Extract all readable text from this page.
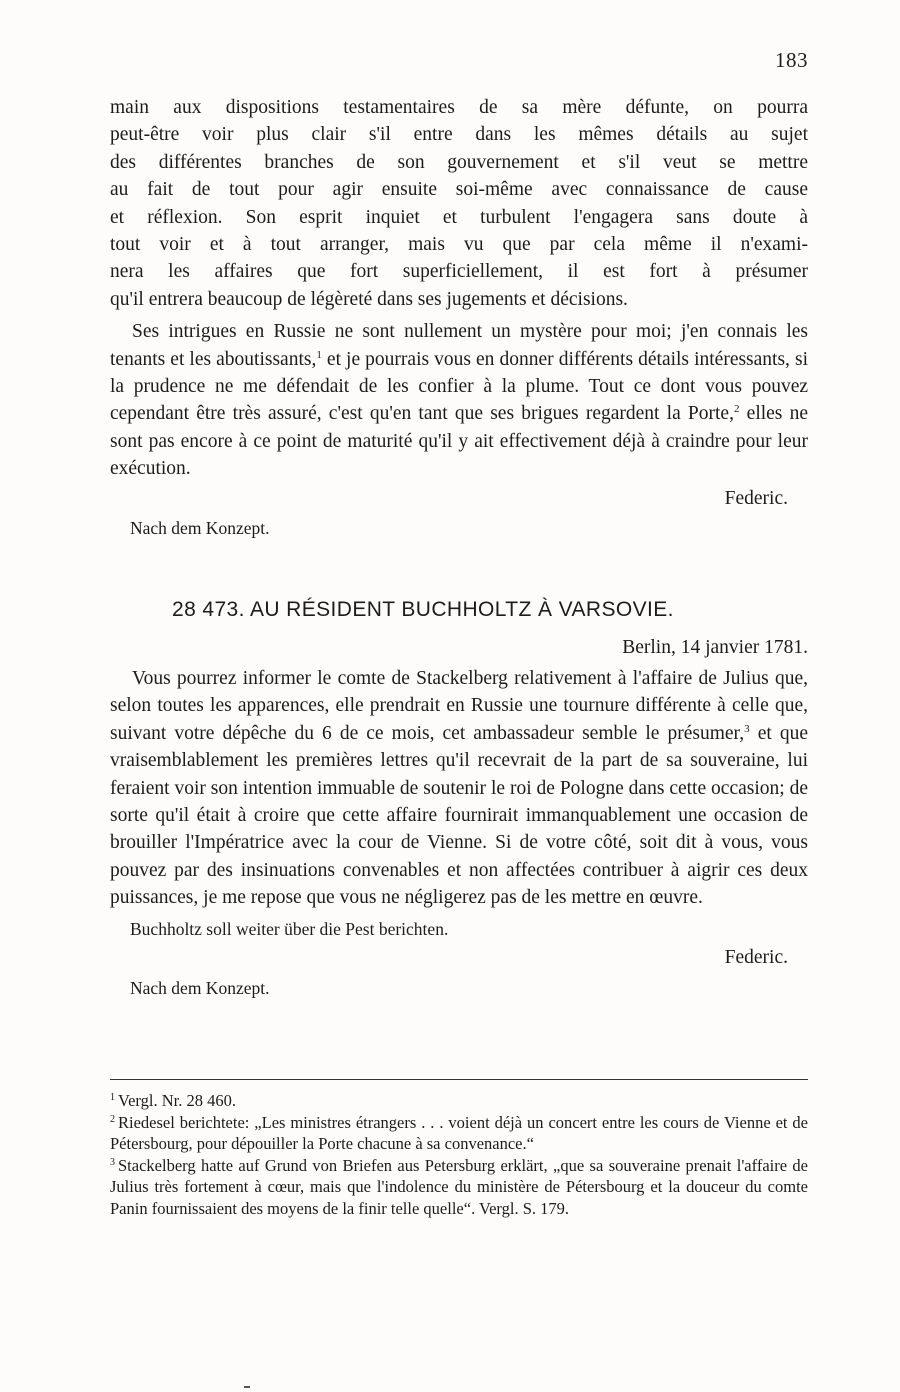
183
main aux dispositions testamentaires de sa mère défunte, on pourra
peut-être voir plus clair s'il entre dans les mêmes détails au sujet
des différentes branches de son gouvernement et s'il veut se mettre
au fait de tout pour agir ensuite soi-même avec connaissance de cause
et réflexion. Son esprit inquiet et turbulent l'engagera sans doute à
tout voir et à tout arranger, mais vu que par cela même il n'exami-
nera les affaires que fort superficiellement, il est fort à présumer
qu'il entrera beaucoup de légèreté dans ses jugements et décisions.

Ses intrigues en Russie ne sont nullement un mystère pour moi; j'en connais les tenants et les aboutissants,$^1$ et je pourrais vous en donner différents détails intéressants, si la prudence ne me défendait de les confier à la plume. Tout ce dont vous pouvez cependant être très assuré, c'est qu'en tant que ses brigues regardent la Porte,$^2$ elles ne sont pas encore à ce point de maturité qu'il y ait effectivement déjà à craindre pour leur exécution.

Federic.
Nach dem Konzept.
28 473. AU RÉSIDENT BUCHHOLTZ À VARSOVIE.
Berlin, 14 janvier 1781.

Vous pourrez informer le comte de Stackelberg relativement à l'affaire de Julius que, selon toutes les apparences, elle prendrait en Russie une tournure différente à celle que, suivant votre dépêche du 6 de ce mois, cet ambassadeur semble le présumer,$^3$ et que vraisemblablement les premières lettres qu'il recevrait de la part de sa souveraine, lui feraient voir son intention immuable de soutenir le roi de Pologne dans cette occasion; de sorte qu'il était à croire que cette affaire fournirait immanquablement une occasion de brouiller l'Impératrice avec la cour de Vienne. Si de votre côté, soit dit à vous, vous pouvez par des insinuations convenables et non affectées contribuer à aigrir ces deux puissances, je me repose que vous ne négligerez pas de les mettre en œuvre.

Buchholtz soll weiter über die Pest berichten.
Federic.
Nach dem Konzept.

$^1$ Vergl. Nr. 28 460.

$^2$ Riedesel berichtete: „Les ministres étrangers . . . voient déjà un concert entre les cours de Vienne et de Pétersbourg, pour dépouiller la Porte chacune à sa convenance.“

$^3$ Stackelberg hatte auf Grund von Briefen aus Petersburg erklärt, „que sa souveraine prenait l'affaire de Julius très fortement à cœur, mais que l'indolence du ministère de Pétersbourg et la douceur du comte Panin fournissaient des moyens de la finir telle quelle“. Vergl. S. 179.
